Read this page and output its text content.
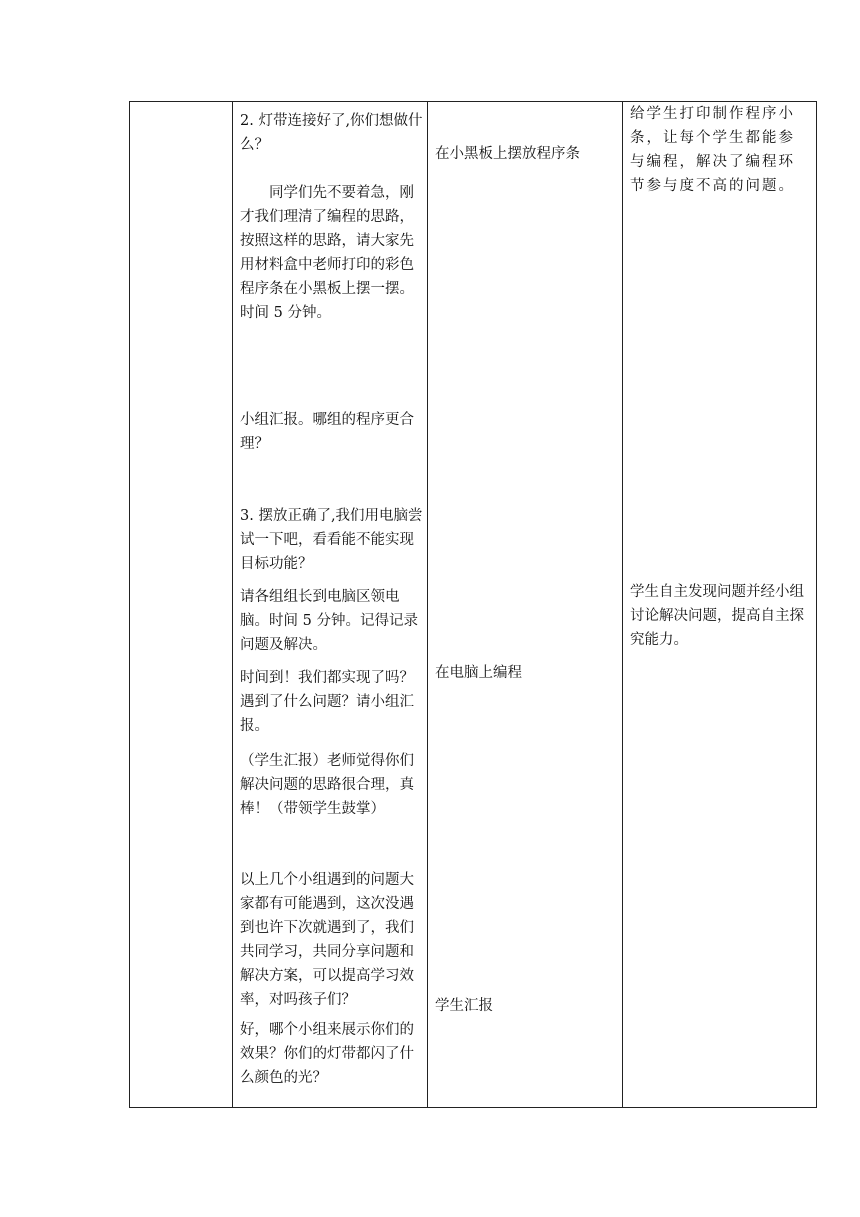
2. 灯带连接好了,你们想做什么？
同学们先不要着急，刚才我们理清了编程的思路，按照这样的思路，请大家先用材料盒中老师打印的彩色程序条在小黑板上摆一摆。时间 5 分钟。
小组汇报。哪组的程序更合理？
3. 摆放正确了,我们用电脑尝试一下吧，看看能不能实现目标功能？
请各组组长到电脑区领电脑。时间 5 分钟。记得记录问题及解决。
时间到！我们都实现了吗？遇到了什么问题？请小组汇报。
（学生汇报）老师觉得你们解决问题的思路很合理，真棒！（带领学生鼓掌）
以上几个小组遇到的问题大家都有可能遇到，这次没遇到也许下次就遇到了，我们共同学习，共同分享问题和解决方案，可以提高学习效率，对吗孩子们？
好，哪个小组来展示你们的效果？你们的灯带都闪了什么颜色的光？
在小黑板上摆放程序条
在电脑上编程
学生汇报
给学生打印制作程序小条，让每个学生都能参与编程，解决了编程环节参与度不高的问题。
学生自主发现问题并经小组讨论解决问题，提高自主探究能力。
